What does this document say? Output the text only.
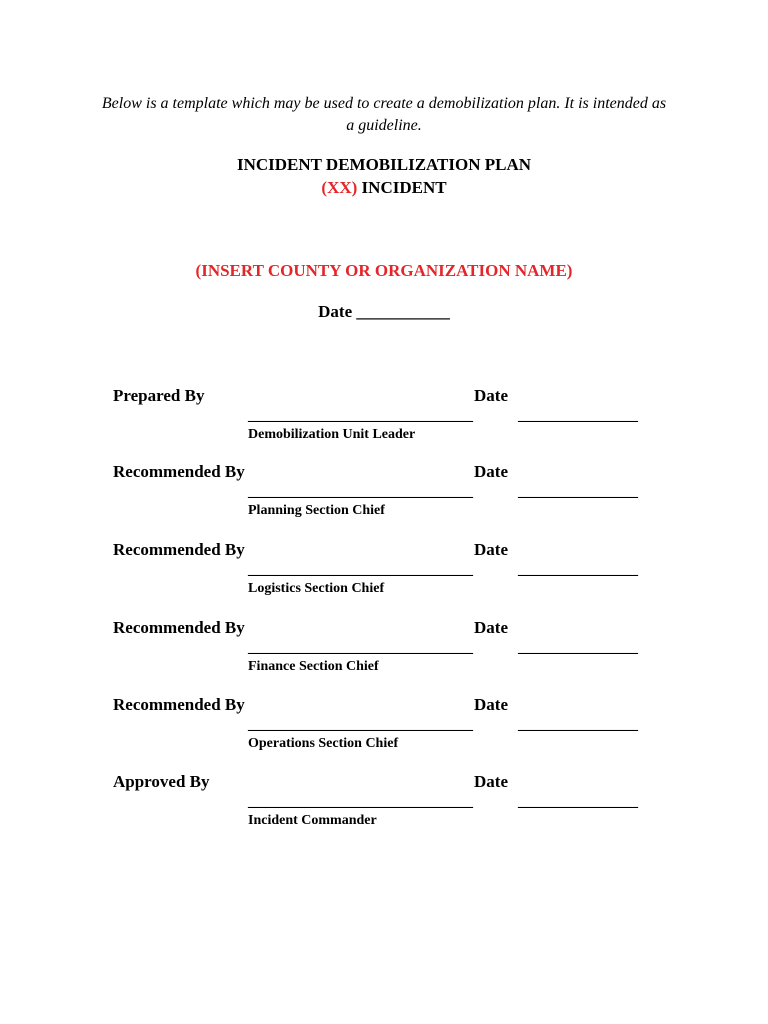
Below is a template which may be used to create a demobilization plan. It is intended as a guideline.
INCIDENT DEMOBILIZATION PLAN
(XX) INCIDENT
(INSERT COUNTY OR ORGANIZATION NAME)
Date ___________
Prepared By	Date
______________________________	________________
Demobilization Unit Leader
Recommended By	Date
______________________________	________________
Planning Section Chief
Recommended By	Date
______________________________	________________
Logistics Section Chief
Recommended By	Date
______________________________	________________
Finance Section Chief
Recommended By	Date
______________________________	________________
Operations Section Chief
Approved By	Date
______________________________	________________
Incident Commander
